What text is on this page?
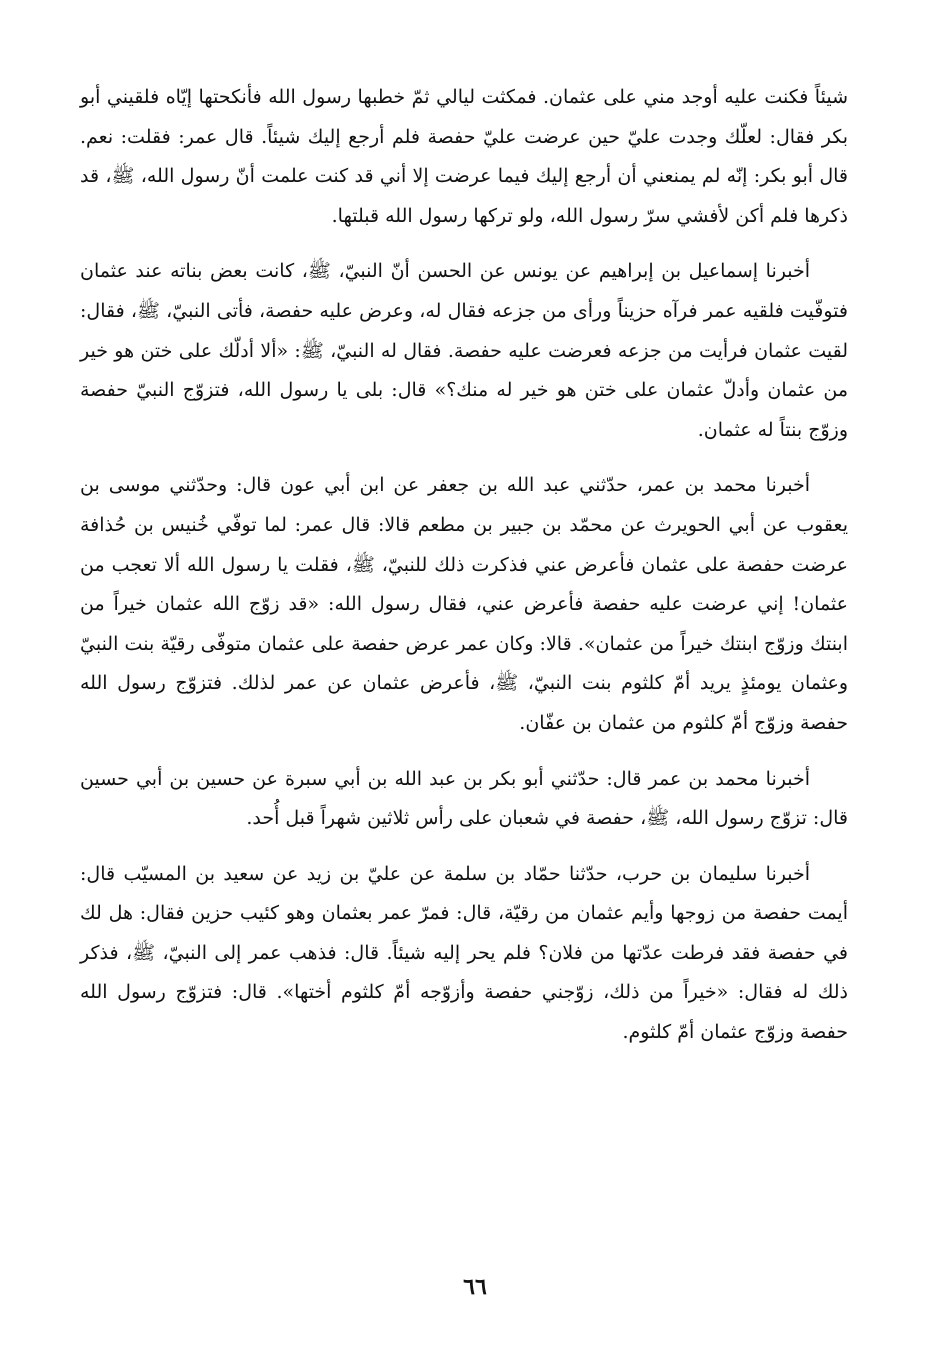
شيئاً فكنت عليه أوجد مني على عثمان. فمكثت ليالي ثمّ خطبها رسول الله فأنكحتها إيّاه فلقيني أبو بكر فقال: لعلّك وجدت عليّ حين عرضت عليّ حفصة فلم أرجع إليك شيئاً. قال عمر: فقلت: نعم. قال أبو بكر: إنّه لم يمنعني أن أرجع إليك فيما عرضت إلا أني قد كنت علمت أنّ رسول الله، ﷺ، قد ذكرها فلم أكن لأفشي سرّ رسول الله، ولو تركها رسول الله قبلتها.

أخبرنا إسماعيل بن إبراهيم عن يونس عن الحسن أنّ النبيّ، ﷺ، كانت بعض بناته عند عثمان فتوفّيت فلقيه عمر فرآه حزيناً ورأى من جزعه فقال له، وعرض عليه حفصة، فأتى النبيّ، ﷺ، فقال: لقيت عثمان فرأيت من جزعه فعرضت عليه حفصة. فقال له النبيّ، ﷺ: «ألا أدلّك على ختن هو خير من عثمان وأدلّ عثمان على ختن هو خير له منك؟» قال: بلى يا رسول الله، فتزوّج النبيّ حفصة وزوّج بنتاً له عثمان.

أخبرنا محمد بن عمر، حدّثني عبد الله بن جعفر عن ابن أبي عون قال: وحدّثني موسى بن يعقوب عن أبي الحويرث عن محمّد بن جبير بن مطعم قالا: قال عمر: لما توفّي خُنيس بن حُذافة عرضت حفصة على عثمان فأعرض عني فذكرت ذلك للنبيّ، ﷺ، فقلت يا رسول الله ألا تعجب من عثمان! إني عرضت عليه حفصة فأعرض عني، فقال رسول الله: «قد زوّج الله عثمان خيراً من ابنتك وزوّج ابنتك خيراً من عثمان». قالا: وكان عمر عرض حفصة على عثمان متوفّى رقيّة بنت النبيّ وعثمان يومئذٍ يريد أمّ كلثوم بنت النبيّ، ﷺ، فأعرض عثمان عن عمر لذلك. فتزوّج رسول الله حفصة وزوّج أمّ كلثوم من عثمان بن عفّان.

أخبرنا محمد بن عمر قال: حدّثني أبو بكر بن عبد الله بن أبي سبرة عن حسين بن أبي حسين قال: تزوّج رسول الله، ﷺ، حفصة في شعبان على رأس ثلاثين شهراً قبل أُحد.

أخبرنا سليمان بن حرب، حدّثنا حمّاد بن سلمة عن عليّ بن زيد عن سعيد بن المسيّب قال: أيمت حفصة من زوجها وأيم عثمان من رقيّة، قال: فمرّ عمر بعثمان وهو كئيب حزين فقال: هل لك في حفصة فقد فرطت عدّتها من فلان؟ فلم يحر إليه شيئاً. قال: فذهب عمر إلى النبيّ، ﷺ، فذكر ذلك له فقال: «خيراً من ذلك، زوّجني حفصة وأزوّجه أمّ كلثوم أختها». قال: فتزوّج رسول الله حفصة وزوّج عثمان أمّ كلثوم.

٦٦
